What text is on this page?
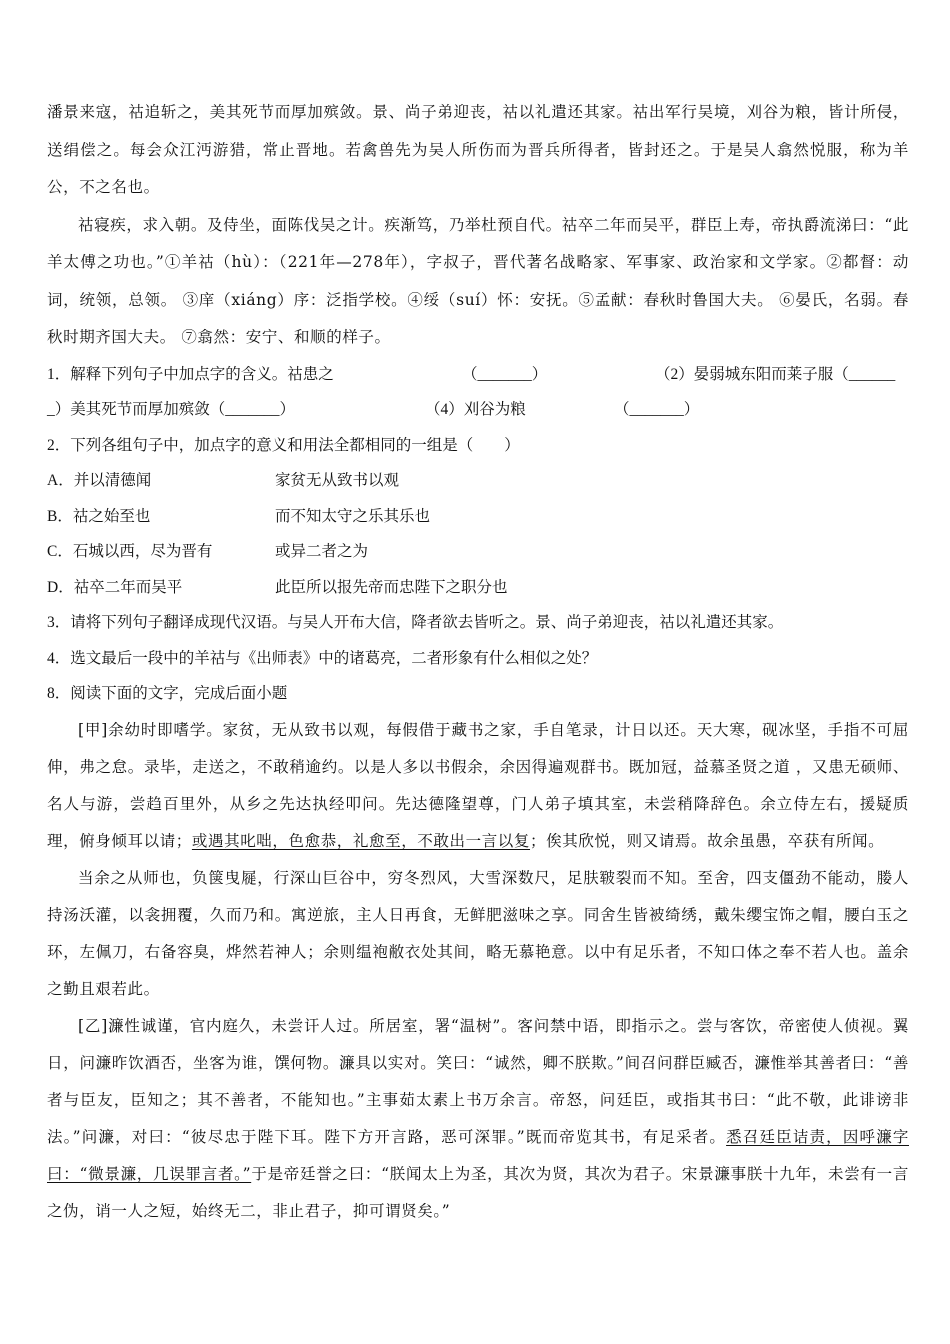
潘景来寇，祜追斩之，美其死节而厚加殡敛。景、尚子弟迎丧，祜以礼遣还其家。祜出军行吴境，刈谷为粮，皆计所侵，送绢偿之。每会众江沔游猎，常止晋地。若禽兽先为吴人所伤而为晋兵所得者，皆封还之。于是吴人翕然悦服，称为羊公，不之名也。

祜寝疾，求入朝。及侍坐，面陈伐吴之计。疾渐笃，乃举杜预自代。祜卒二年而吴平，群臣上寿，帝执爵流涕曰：“此羊太傅之功也。”①羊祜（hù）：（221年—278年），字叔子，晋代著名战略家、军事家、政治家和文学家。②都督：动词，统领，总领。 ③庠（xiáng）序：泛指学校。④绥（suí）怀：安抚。⑤孟献：春秋时鲁国大夫。 ⑥晏氏，名弱。春秋时期齐国大夫。 ⑦翕然：安宁、和顺的样子。

1．解释下列句子中加点字的含义。祜患之	（_______）	（2）晏弱城东阳而莱子服（______
_）美其死节而厚加殡敛（_______）	（4）刈谷为粮	（_______）

2．下列各组句子中，加点字的意义和用法全都相同的一组是（　　）

A．并以清德闻	家贫无从致书以观
B．祜之始至也	而不知太守之乐其乐也
C．石城以西，尽为晋有	或异二者之为
D．祜卒二年而吴平	此臣所以报先帝而忠陛下之职分也

3．请将下列句子翻译成现代汉语。与吴人开布大信，降者欲去皆听之。景、尚子弟迎丧，祜以礼遣还其家。

4．选文最后一段中的羊祜与《出师表》中的诸葛亮，二者形象有什么相似之处？

8．阅读下面的文字，完成后面小题

[甲]余幼时即嗜学。家贫，无从致书以观，每假借于藏书之家，手自笔录，计日以还。天大寒，砚冰坚，手指不可屈伸，弗之怠。录毕，走送之，不敢稍逾约。以是人多以书假余，余因得遍观群书。既加冠，益慕圣贤之道 ，又患无硕师、名人与游，尝趋百里外，从乡之先达执经叩问。先达德隆望尊，门人弟子填其室，未尝稍降辞色。余立侍左右，援疑质理，俯身倾耳以请；或遇其叱咄，色愈恭，礼愈至，不敢出一言以复；俟其欣悦，则又请焉。故余虽愚，卒获有所闻。

当余之从师也，负箧曳屣，行深山巨谷中，穷冬烈风，大雪深数尺，足肤皲裂而不知。至舍，四支僵劲不能动，媵人持汤沃灌，以衾拥覆，久而乃和。寓逆旅，主人日再食，无鲜肥滋味之享。同舍生皆被绮绣，戴朱缨宝饰之帽，腰白玉之环，左佩刀，右备容臭，烨然若神人；余则缊袍敝衣处其间，略无慕艳意。以中有足乐者，不知口体之奉不若人也。盖余之勤且艰若此。

[乙]濂性诚谨，官内庭久，未尝讦人过。所居室，署“温树”。客问禁中语，即指示之。尝与客饮，帝密使人侦视。翼日，问濂昨饮酒否，坐客为谁，馔何物。濂具以实对。笑曰：“诚然，卿不朕欺。”间召问群臣臧否，濂惟举其善者曰：“善者与臣友，臣知之；其不善者，不能知也。”主事茹太素上书万余言。帝怒，问廷臣，或指其书曰：“此不敬，此诽谤非法。”问濂，对曰：“彼尽忠于陛下耳。陛下方开言路，恶可深罪。”既而帝览其书，有足采者。悉召廷臣诘责，因呼濂字曰：“微景濂，几误罪言者。”于是帝廷誉之曰：“朕闻太上为圣，其次为贤，其次为君子。宋景濂事朕十九年，未尝有一言之伪，诮一人之短，始终无二，非止君子，抑可谓贤矣。”
